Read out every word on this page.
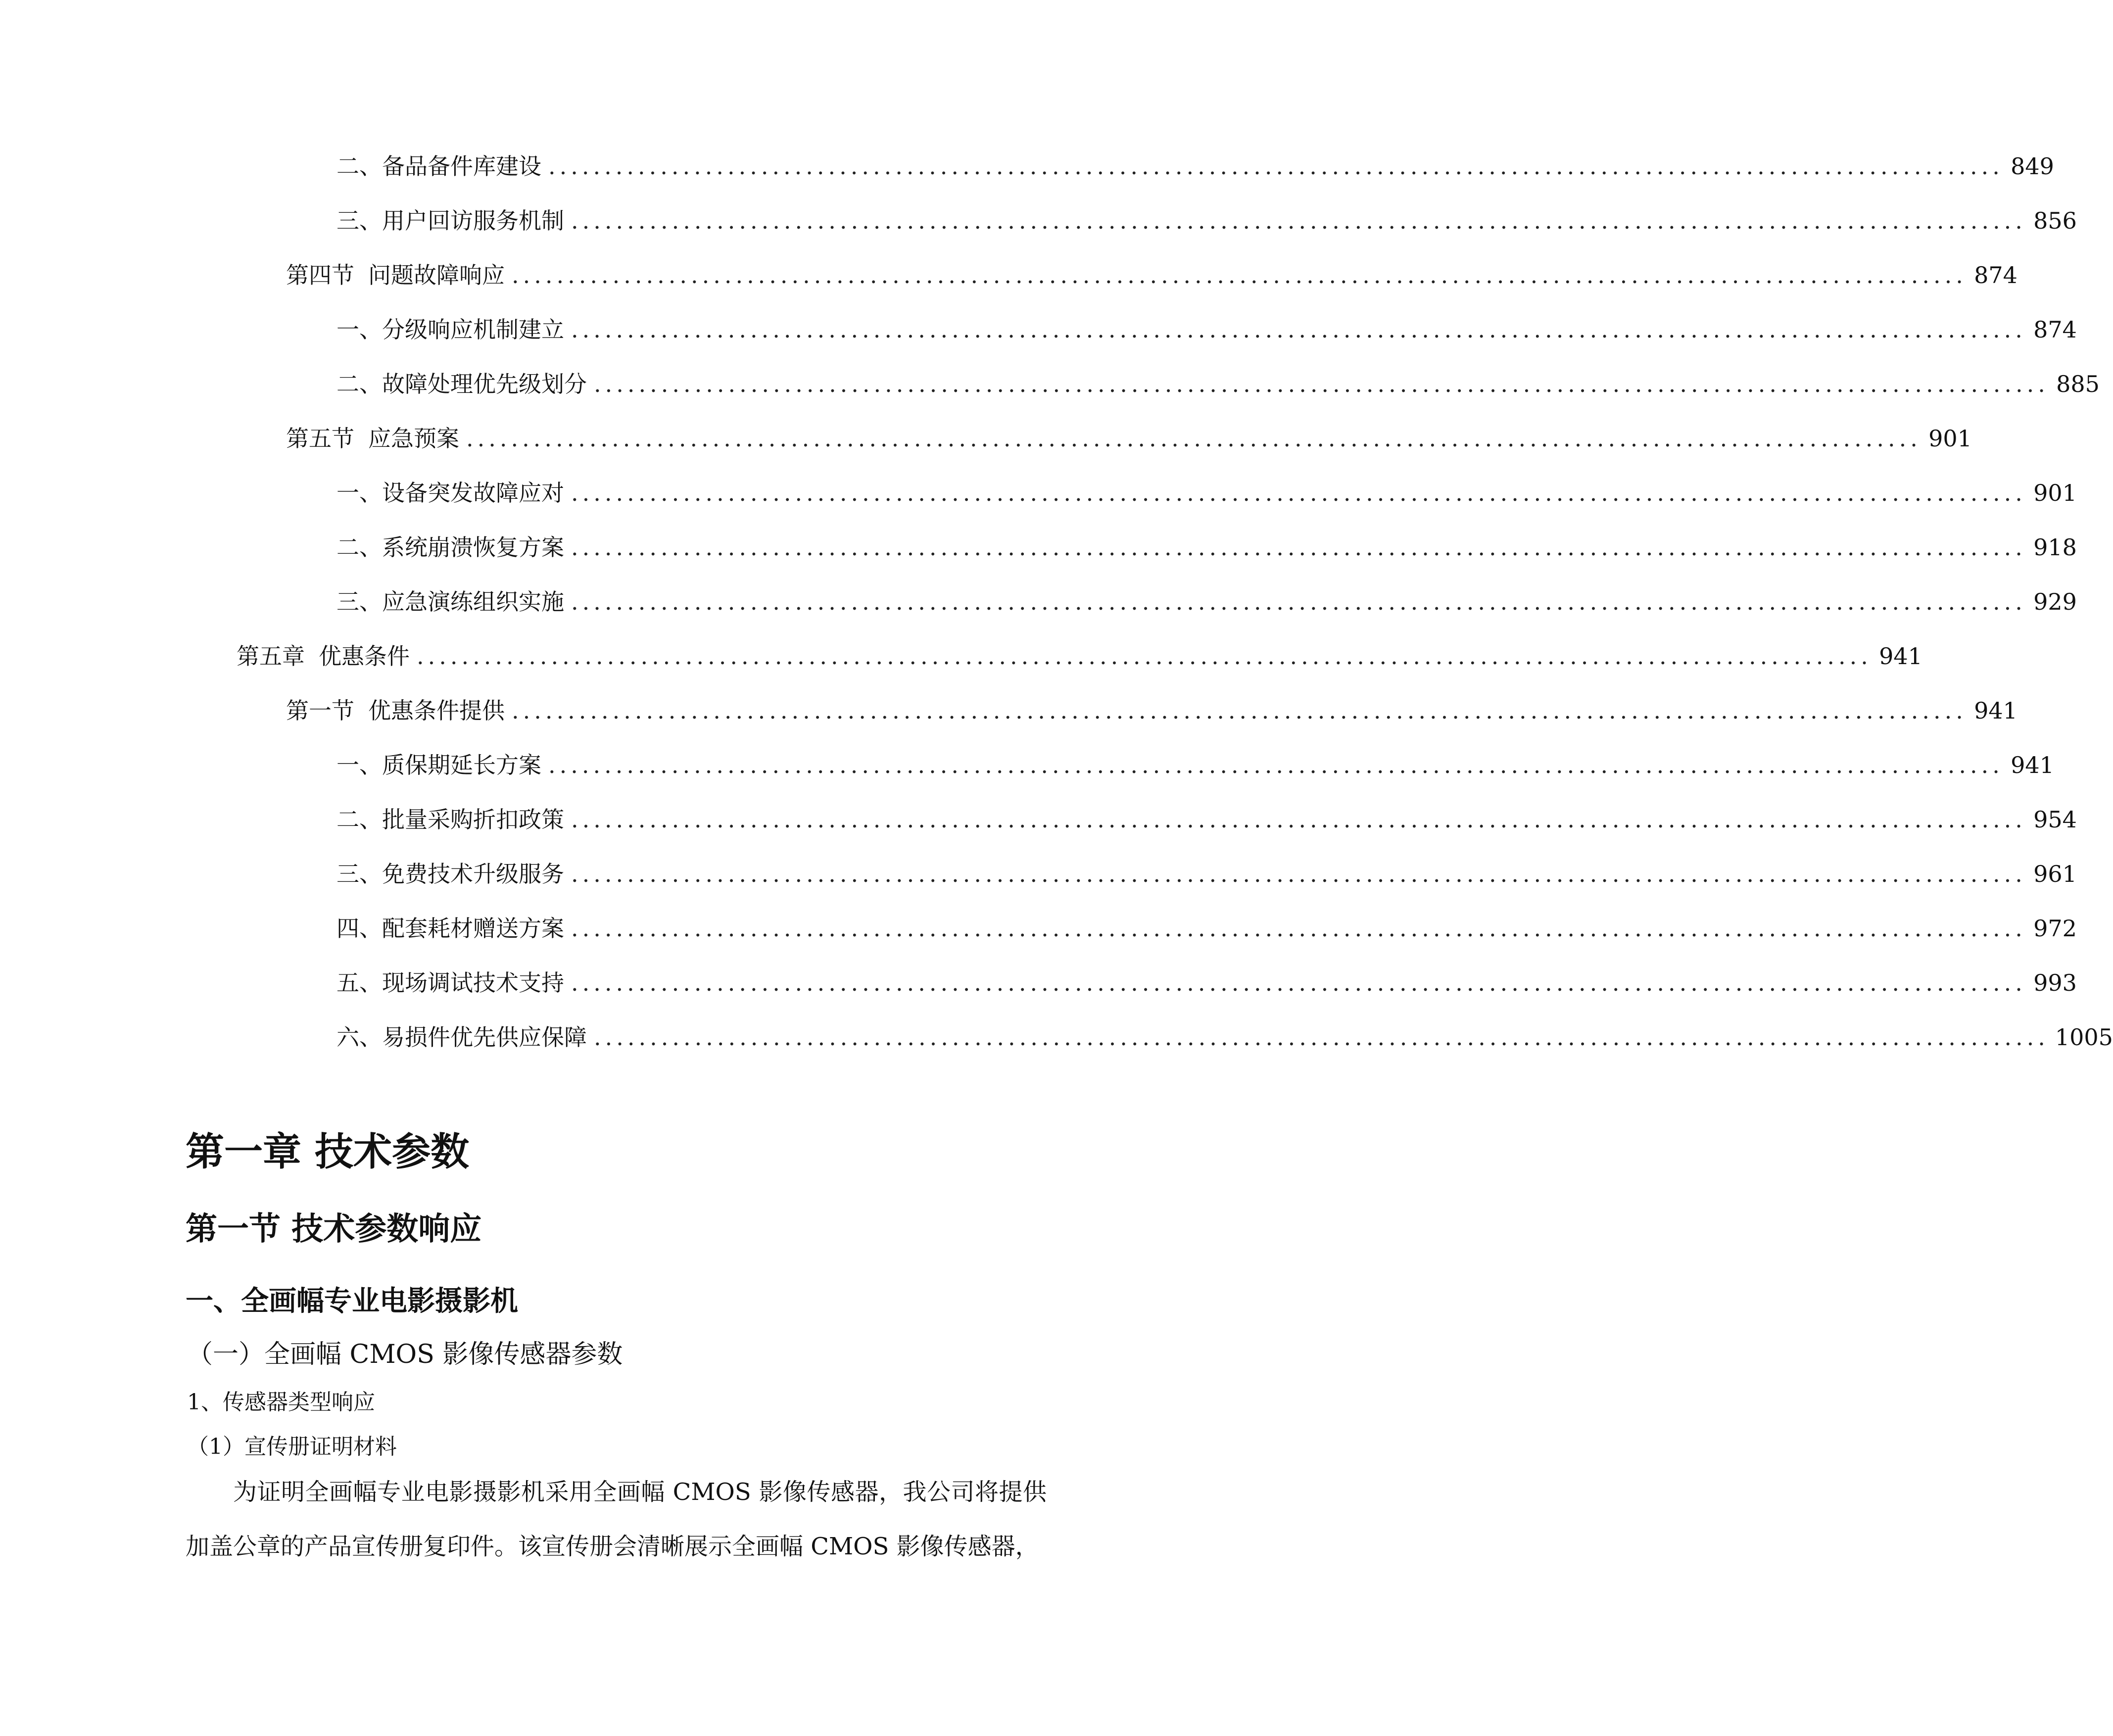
二、 备品备件库建设 .................................................................................................................................. 849
三、 用户回访服务机制 .................................................................................................................................. 856
第四节 问题故障响应 .................................................................................................................................. 874
一、 分级响应机制建立 .................................................................................................................................. 874
二、 故障处理优先级划分 .................................................................................................................................. 885
第五节 应急预案 .................................................................................................................................. 901
一、 设备突发故障应对 .................................................................................................................................. 901
二、 系统崩溃恢复方案 .................................................................................................................................. 918
三、 应急演练组织实施 .................................................................................................................................. 929
第五章 优惠条件 .................................................................................................................................. 941
第一节 优惠条件提供 .................................................................................................................................. 941
一、 质保期延长方案 .................................................................................................................................. 941
二、 批量采购折扣政策 .................................................................................................................................. 954
三、 免费技术升级服务 .................................................................................................................................. 961
四、 配套耗材赠送方案 .................................................................................................................................. 972
五、 现场调试技术支持 .................................................................................................................................. 993
六、 易损件优先供应保障 .................................................................................................................................. 1005
第一章 技术参数
第一节 技术参数响应
一、全画幅专业电影摄影机
（一）全画幅 CMOS 影像传感器参数
1、传感器类型响应
（1）宣传册证明材料
为证明全画幅专业电影摄影机采用全画幅 CMOS 影像传感器，我公司将提供加盖公章的产品宣传册复印件。该宣传册会清晰展示全画幅 CMOS 影像传感器，
